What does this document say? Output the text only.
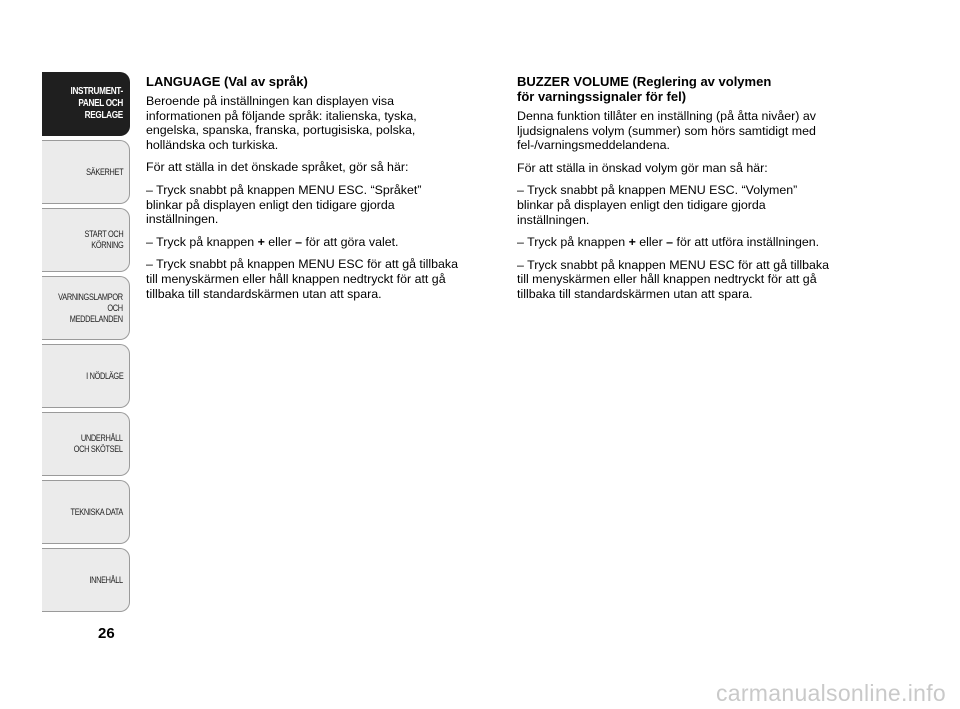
INSTRUMENT-
PANEL OCH
REGLAGE
SÄKERHET
START OCH
KÖRNING
VARNINGSLAMPOR
OCH
MEDDELANDEN
I NÖDLÄGE
UNDERHÅLL
OCH SKÖTSEL
TEKNISKA DATA
INNEHÅLL
26
LANGUAGE (Val av språk)

Beroende på inställningen kan displayen visa
informationen på följande språk: italienska, tyska,
engelska, spanska, franska, portugisiska, polska,
holländska och turkiska.

För att ställa in det önskade språket, gör så här:

– Tryck snabbt på knappen MENU ESC. “Språket”
blinkar på displayen enligt den tidigare gjorda
inställningen.

– Tryck på knappen + eller – för att göra valet.

– Tryck snabbt på knappen MENU ESC för att gå tillbaka
till menyskärmen eller håll knappen nedtryckt för att gå
tillbaka till standardskärmen utan att spara.

BUZZER VOLUME (Reglering av volymen
för varningssignaler för fel)

Denna funktion tillåter en inställning (på åtta nivåer) av
ljudsignalens volym (summer) som hörs samtidigt med
fel-/varningsmeddelandena.

För att ställa in önskad volym gör man så här:

– Tryck snabbt på knappen MENU ESC. “Volymen”
blinkar på displayen enligt den tidigare gjorda
inställningen.

– Tryck på knappen + eller – för att utföra inställningen.

– Tryck snabbt på knappen MENU ESC för att gå tillbaka
till menyskärmen eller håll knappen nedtryckt för att gå
tillbaka till standardskärmen utan att spara.

carmanualsonline.info
